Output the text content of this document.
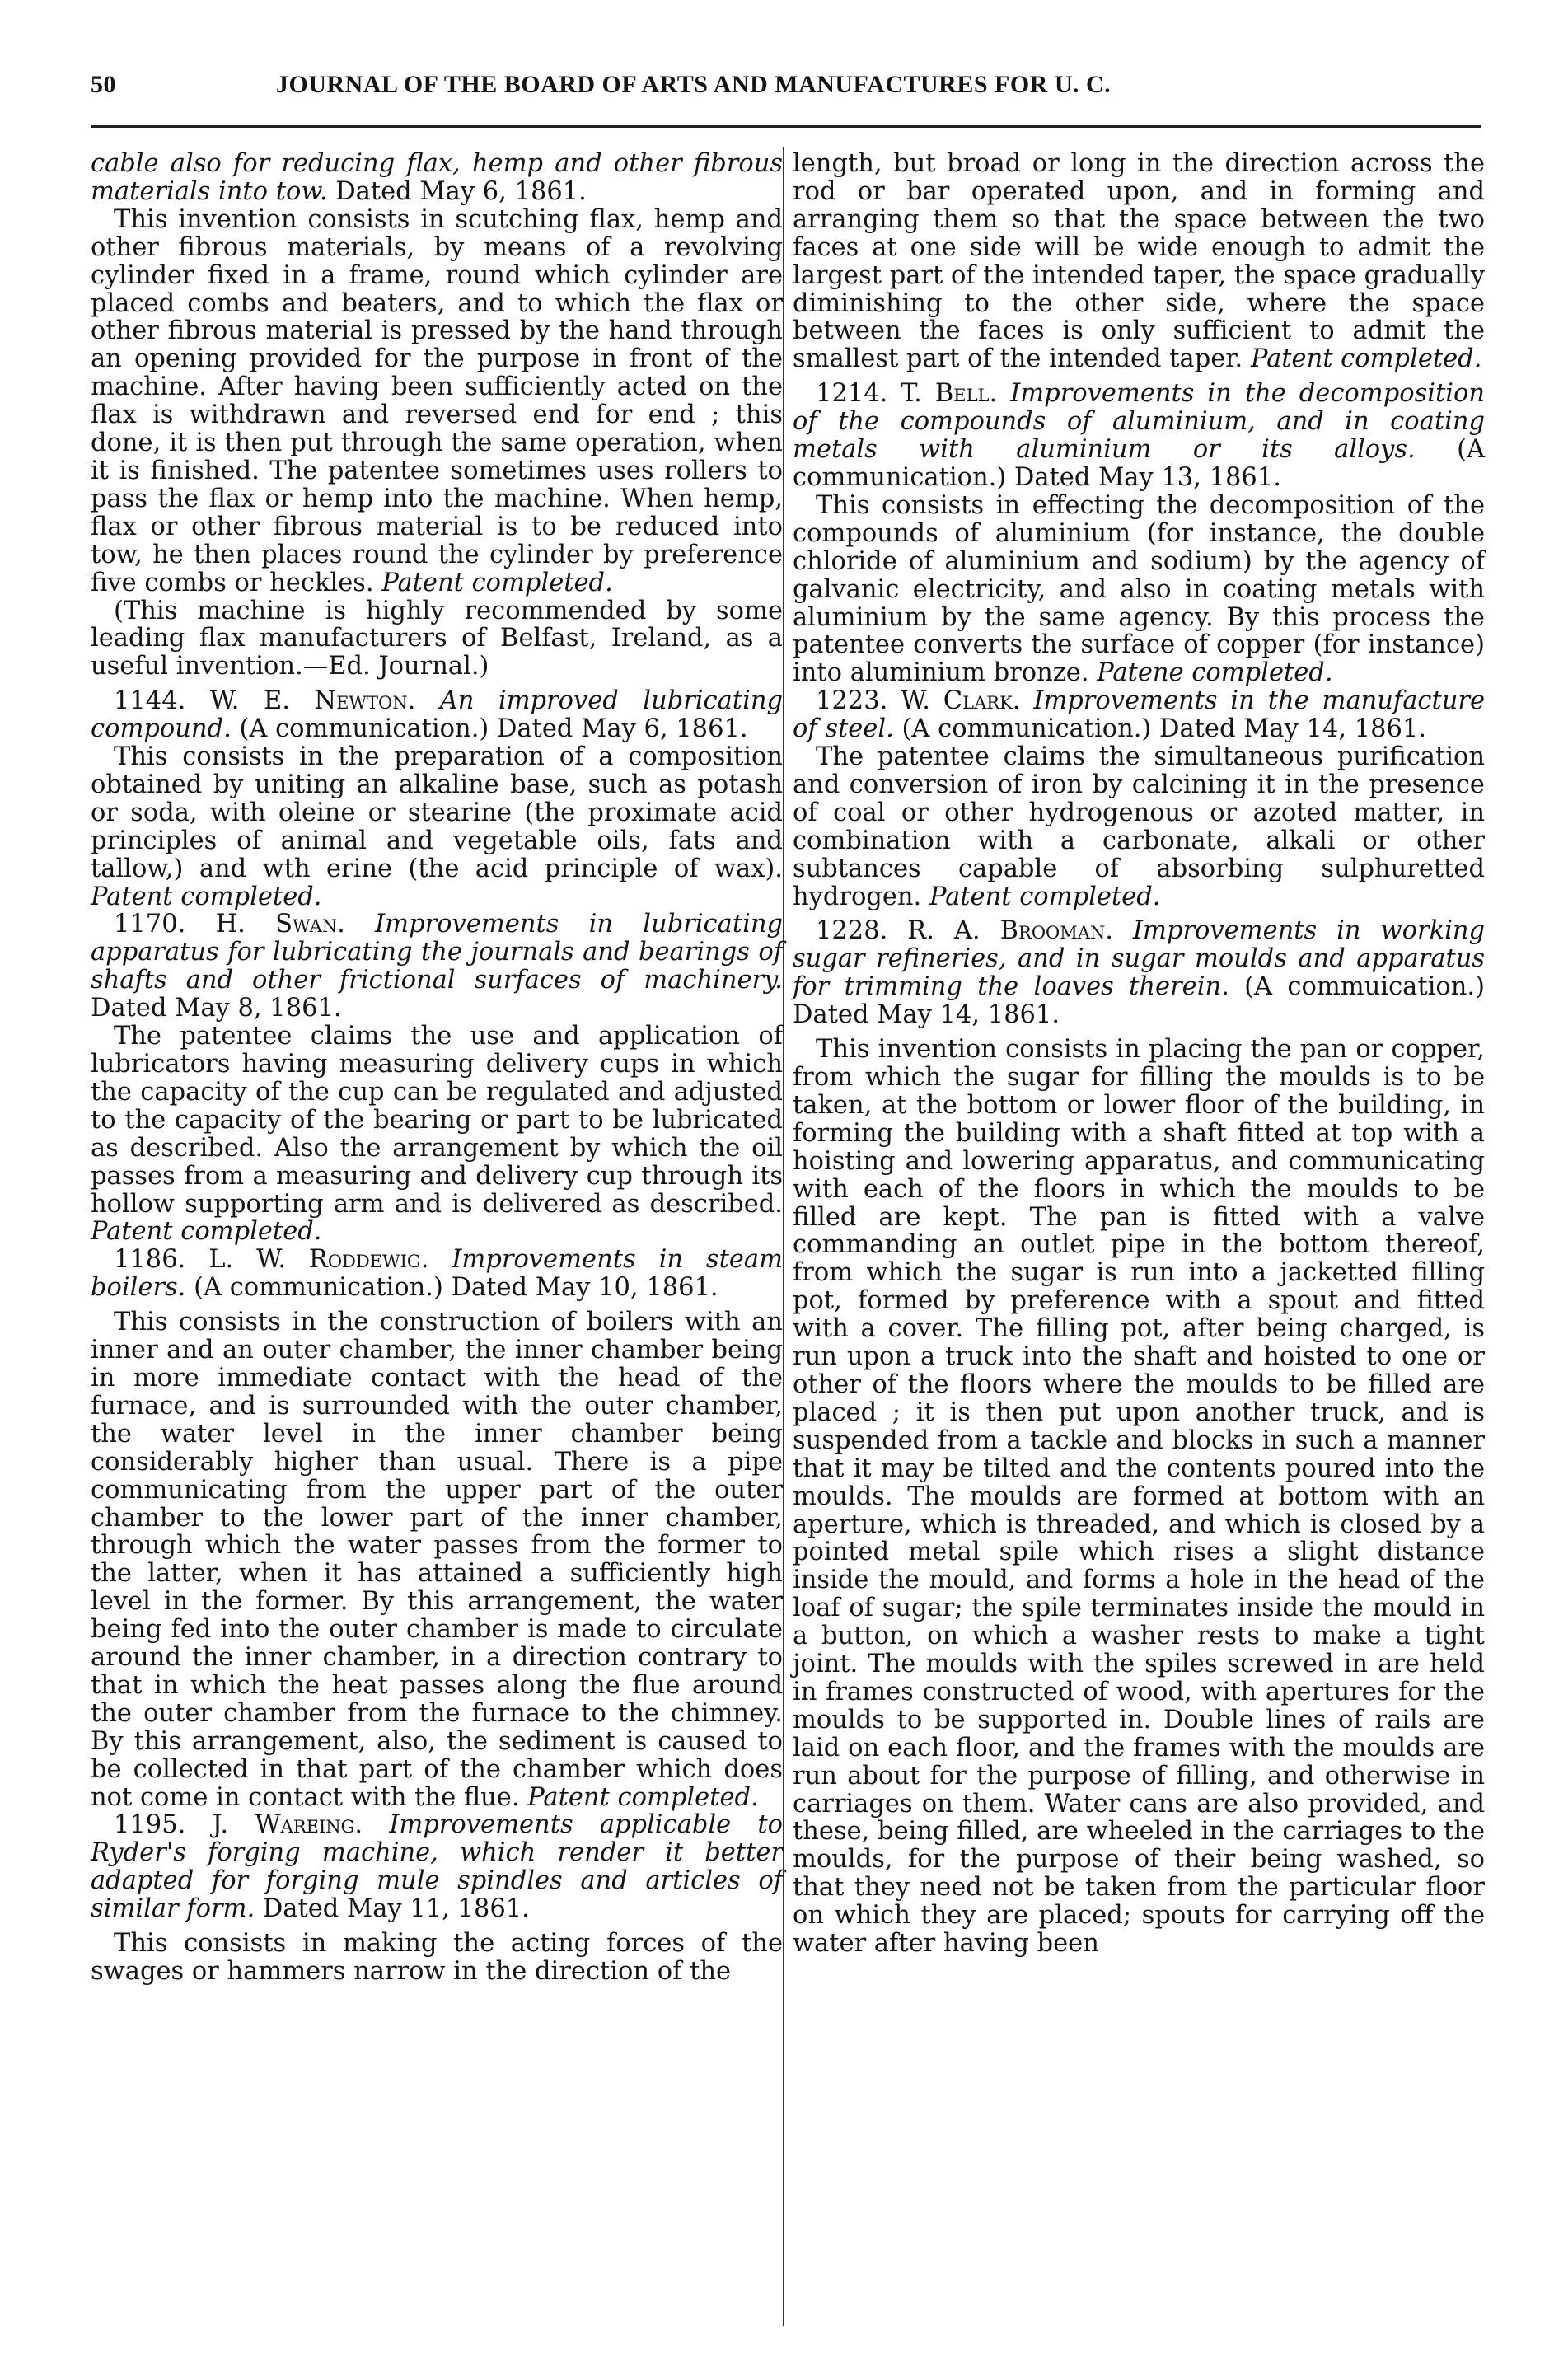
50	JOURNAL OF THE BOARD OF ARTS AND MANUFACTURES FOR U. C.

cable also for reducing flax, hemp and other fibrous materials into tow. Dated May 6, 1861.

This invention consists in scutching flax, hemp and other fibrous materials, by means of a revolving cylinder fixed in a frame, round which cylinder are placed combs and beaters, and to which the flax or other fibrous material is pressed by the hand through an opening provided for the purpose in front of the machine. After having been sufficiently acted on the flax is withdrawn and reversed end for end ; this done, it is then put through the same operation, when it is finished. The patentee sometimes uses rollers to pass the flax or hemp into the machine. When hemp, flax or other fibrous material is to be reduced into tow, he then places round the cylinder by preference five combs or heckles. Patent completed.

(This machine is highly recommended by some leading flax manufacturers of Belfast, Ireland, as a useful invention.—Ed. Journal.)

1144. W. E. Newton. An improved lubricating compound. (A communication.) Dated May 6, 1861.

This consists in the preparation of a composition obtained by uniting an alkaline base, such as potash or soda, with oleine or stearine (the proximate acid principles of animal and vegetable oils, fats and tallow,) and wth erine (the acid principle of wax). Patent completed.

1170. H. Swan. Improvements in lubricating apparatus for lubricating the journals and bearings of shafts and other frictional surfaces of machinery. Dated May 8, 1861.

The patentee claims the use and application of lubricators having measuring delivery cups in which the capacity of the cup can be regulated and adjusted to the capacity of the bearing or part to be lubricated as described. Also the arrangement by which the oil passes from a measuring and delivery cup through its hollow supporting arm and is delivered as described. Patent completed.

1186. L. W. Roddewig. Improvements in steam boilers. (A communication.) Dated May 10, 1861.

This consists in the construction of boilers with an inner and an outer chamber, the inner chamber being in more immediate contact with the head of the furnace, and is surrounded with the outer chamber, the water level in the inner chamber being considerably higher than usual. There is a pipe communicating from the upper part of the outer chamber to the lower part of the inner chamber, through which the water passes from the former to the latter, when it has attained a sufficiently high level in the former. By this arrangement, the water being fed into the outer chamber is made to circulate around the inner chamber, in a direction contrary to that in which the heat passes along the flue around the outer chamber from the furnace to the chimney. By this arrangement, also, the sediment is caused to be collected in that part of the chamber which does not come in contact with the flue. Patent completed.

1195. J. Wareing. Improvements applicable to Ryder's forging machine, which render it better adapted for forging mule spindles and articles of similar form. Dated May 11, 1861.

This consists in making the acting forces of the swages or hammers narrow in the direction of the

length, but broad or long in the direction across the rod or bar operated upon, and in forming and arranging them so that the space between the two faces at one side will be wide enough to admit the largest part of the intended taper, the space gradually diminishing to the other side, where the space between the faces is only sufficient to admit the smallest part of the intended taper. Patent completed.

1214. T. Bell. Improvements in the decomposition of the compounds of aluminium, and in coating metals with aluminium or its alloys. (A communication.) Dated May 13, 1861.

This consists in effecting the decomposition of the compounds of aluminium (for instance, the double chloride of aluminium and sodium) by the agency of galvanic electricity, and also in coating metals with aluminium by the same agency. By this process the patentee converts the surface of copper (for instance) into aluminium bronze. Patene completed.

1223. W. Clark. Improvements in the manufacture of steel. (A communication.) Dated May 14, 1861.

The patentee claims the simultaneous purification and conversion of iron by calcining it in the presence of coal or other hydrogenous or azoted matter, in combination with a carbonate, alkali or other subtances capable of absorbing sulphuretted hydrogen. Patent completed.

1228. R. A. Brooman. Improvements in working sugar refineries, and in sugar moulds and apparatus for trimming the loaves therein. (A commuication.) Dated May 14, 1861.

This invention consists in placing the pan or copper, from which the sugar for filling the moulds is to be taken, at the bottom or lower floor of the building, in forming the building with a shaft fitted at top with a hoisting and lowering apparatus, and communicating with each of the floors in which the moulds to be filled are kept. The pan is fitted with a valve commanding an outlet pipe in the bottom thereof, from which the sugar is run into a jacketted filling pot, formed by preference with a spout and fitted with a cover. The filling pot, after being charged, is run upon a truck into the shaft and hoisted to one or other of the floors where the moulds to be filled are placed ; it is then put upon another truck, and is suspended from a tackle and blocks in such a manner that it may be tilted and the contents poured into the moulds. The moulds are formed at bottom with an aperture, which is threaded, and which is closed by a pointed metal spile which rises a slight distance inside the mould, and forms a hole in the head of the loaf of sugar; the spile terminates inside the mould in a button, on which a washer rests to make a tight joint. The moulds with the spiles screwed in are held in frames constructed of wood, with apertures for the moulds to be supported in. Double lines of rails are laid on each floor, and the frames with the moulds are run about for the purpose of filling, and otherwise in carriages on them. Water cans are also provided, and these, being filled, are wheeled in the carriages to the moulds, for the purpose of their being washed, so that they need not be taken from the particular floor on which they are placed; spouts for carrying off the water after having been
